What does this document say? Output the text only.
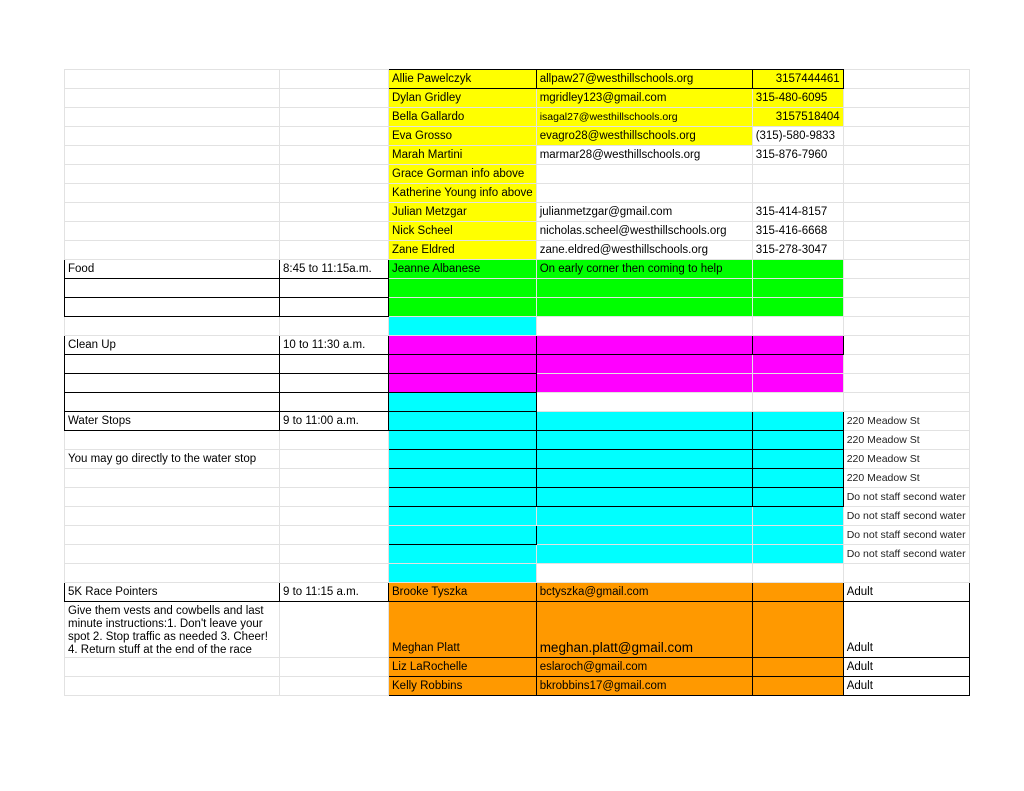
		Allie Pawelczyk	allpaw27@westhillschools.org	3157444461	
		Dylan Gridley	mgridley123@gmail.com	315-480-6095	
		Bella Gallardo	isagal27@westhillschools.org	3157518404	
		Eva Grosso	evagro28@westhillschools.org	(315)-580-9833	
		Marah Martini	marmar28@westhillschools.org	315-876-7960	
		Grace Gorman info above			
		Katherine Young info above			
		Julian Metzgar	julianmetzgar@gmail.com	315-414-8157	
		Nick Scheel	nicholas.scheel@westhillschools.org	315-416-6668	
		Zane Eldred	zane.eldred@westhillschools.org	315-278-3047	
Food	8:45 to 11:15a.m.	Jeanne Albanese	On early corner then coming to help		

Clean Up	10 to 11:30 a.m.				

Water Stops	9 to 11:00 a.m.				220 Meadow St
					220 Meadow St
You may go directly to the water stop					220 Meadow St
					220 Meadow St
					Do not staff second water
					Do not staff second water
					Do not staff second water
					Do not staff second water

5K Race Pointers	9 to 11:15 a.m.	Brooke Tyszka	bctyszka@gmail.com		Adult
Give them vests and cowbells and last minute instructions:1. Don't leave your spot 2. Stop traffic as needed 3. Cheer! 4. Return stuff at the end of the race		Meghan Platt	meghan.platt@gmail.com		Adult
		Liz LaRochelle	eslaroch@gmail.com		Adult
		Kelly Robbins	bkrobbins17@gmail.com		Adult
